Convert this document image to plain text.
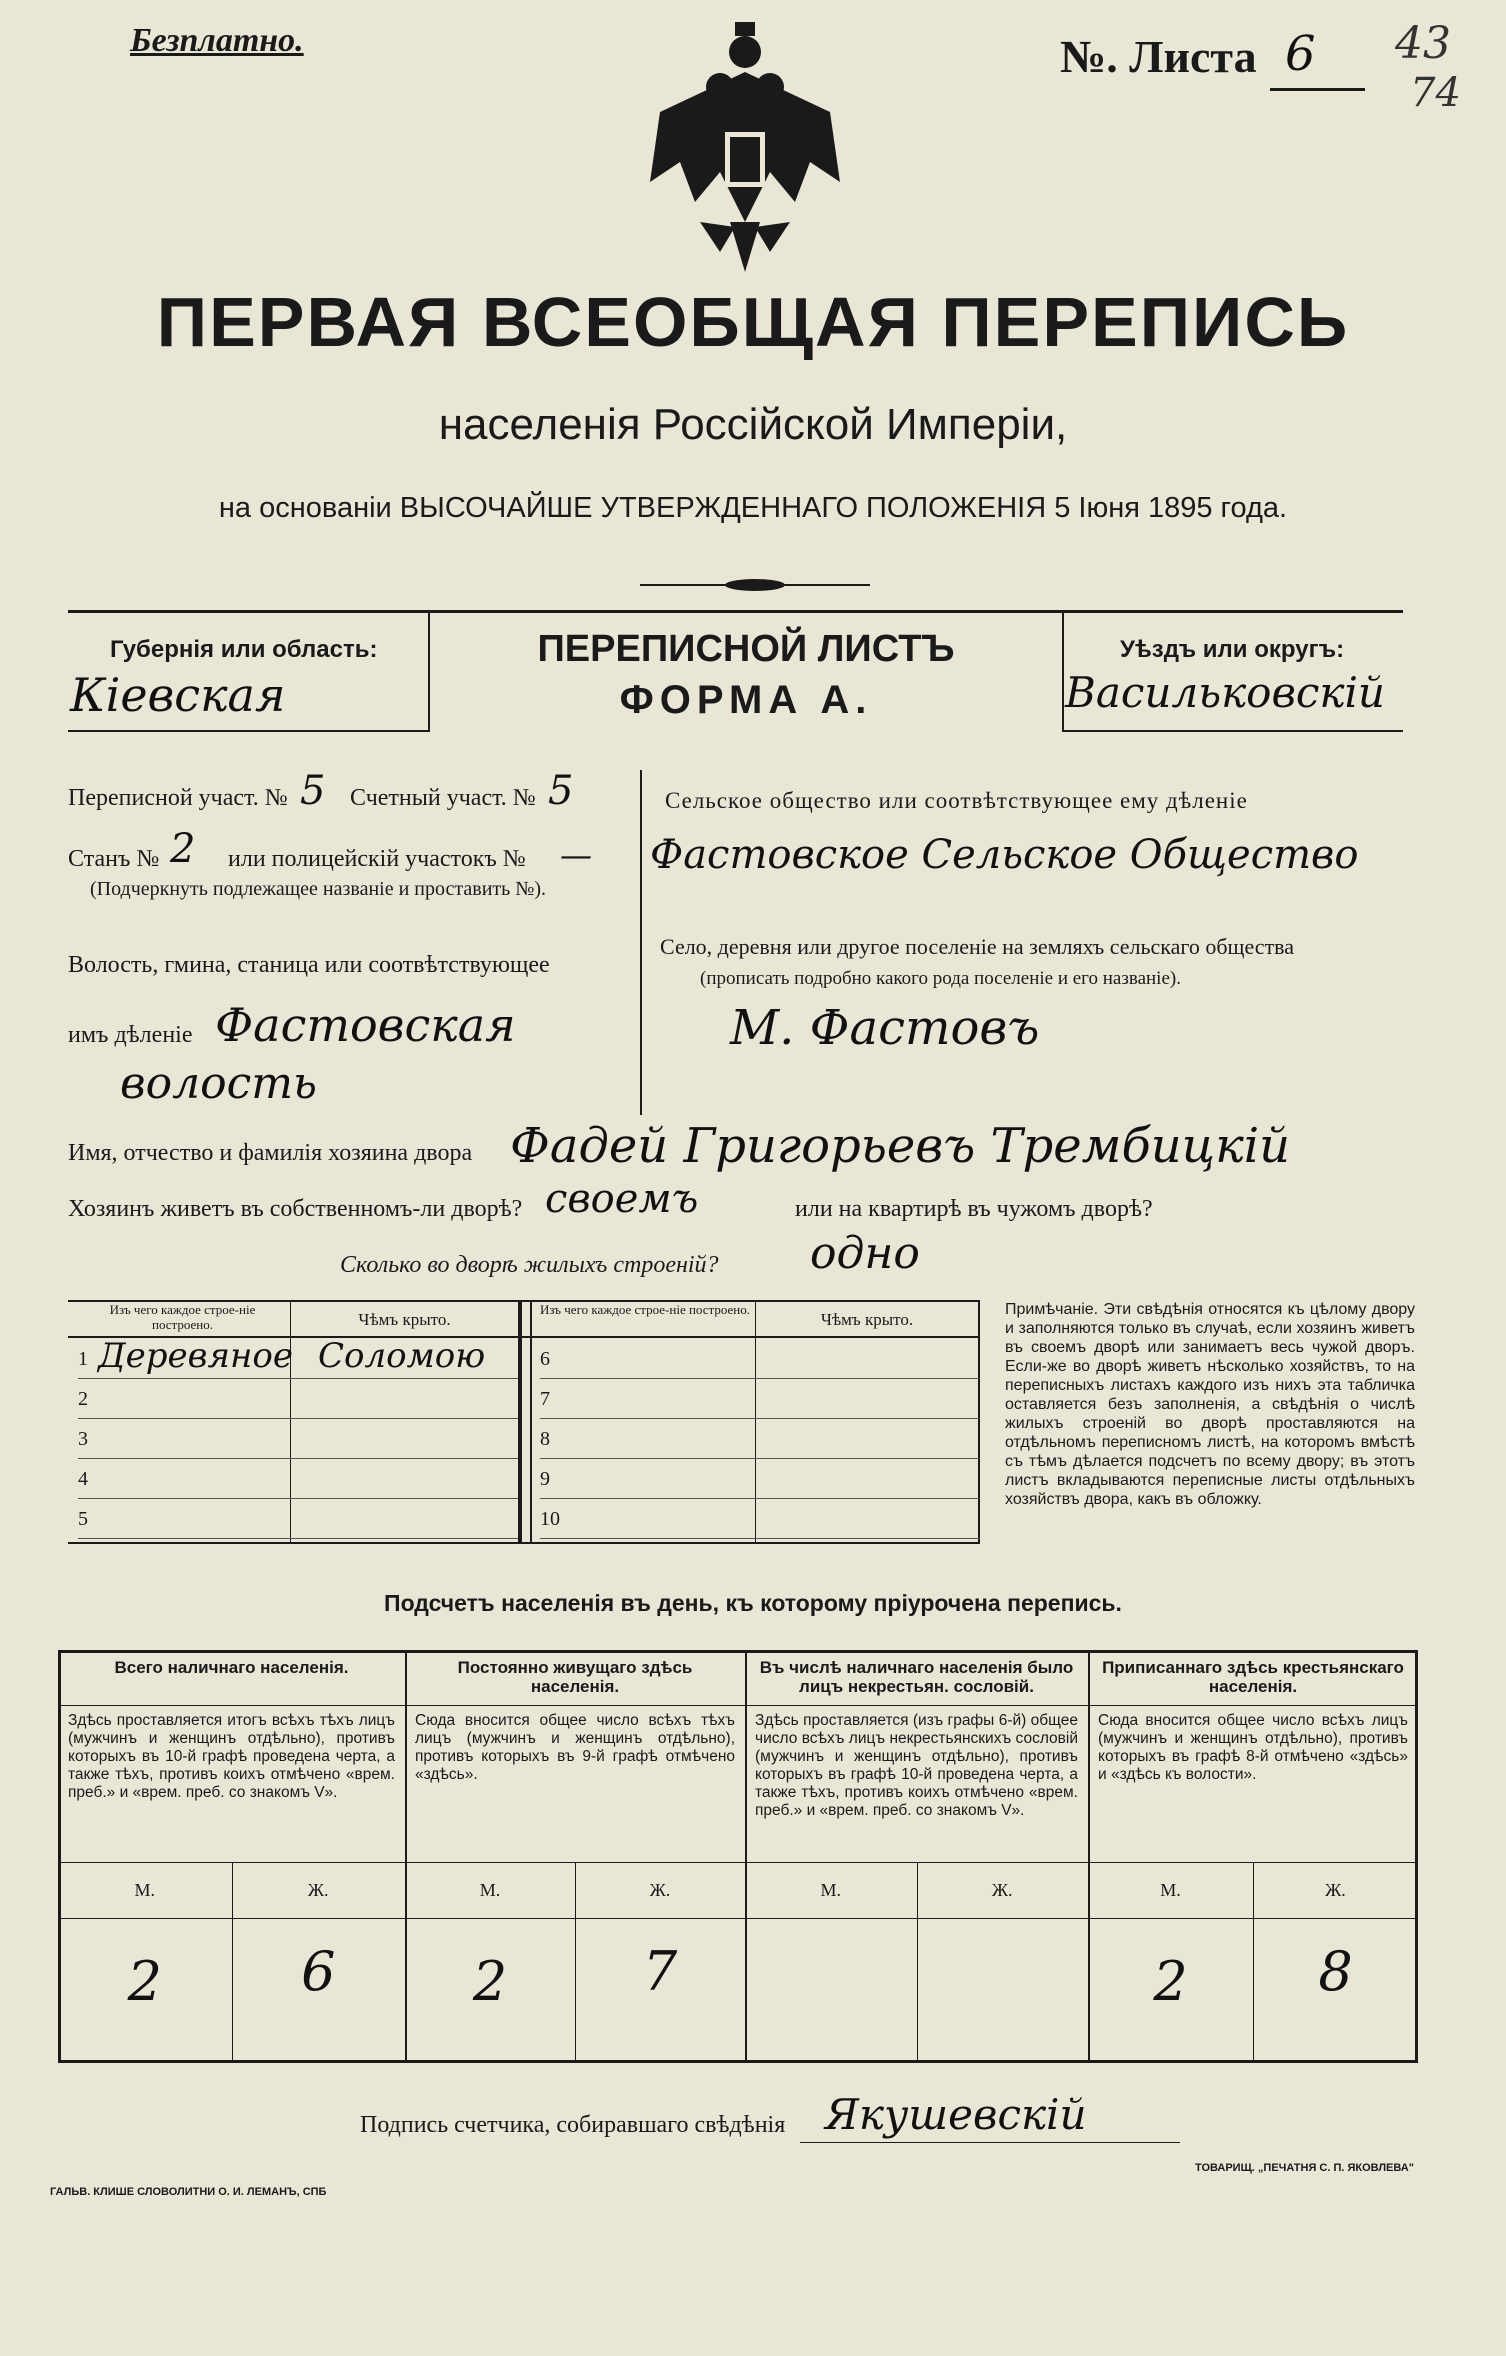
Безплатно.	№. Листа 6 43
74
ПЕРВАЯ ВСЕОБЩАЯ ПЕРЕПИСЬ
населенія Россійской Имперіи,
на основаніи ВЫСОЧАЙШЕ УТВЕРЖДЕННАГО ПОЛОЖЕНІЯ 5 Іюня 1895 года.
Губернія или область:
Кіевская
ПЕРЕПИСНОЙ ЛИСТЪ
ФОРМА А.
Уѣздъ или округъ:
Васильковскій
Переписной участ. № 5 Счетный участ. № 5
Станъ № 2 или полицейскій участокъ № —
(Подчеркнуть подлежащее названіе и проставить №).
Волость, гмина, станица или соотвѣтствующее
имъ дѣленіе Фастовская
волость
Сельское общество или соотвѣтствующее ему дѣленіе
Фастовское Сельское Общество
Село, деревня или другое поселеніе на земляхъ сельскаго общества
(прописать подробно какого рода поселеніе и его названіе).
М. Фастовъ
Имя, отчество и фамилія хозяина двора Фадей Григорьевъ Трембицкій
Хозяинъ живетъ въ собственномъ-ли дворѣ? своемъ	или на квартирѣ въ чужомъ дворѣ?
Сколько во дворѣ жилыхъ строеній? одно
Изъ чего каждое строе-ніе построено.	Чѣмъ крыто.
Изъ чего каждое строе-ніе построено.
Чѣмъ крыто.
1 Деревяное Соломою
2
3
4
5
6
7
8
9
10
Примѣчаніе. Эти свѣдѣнія относятся къ цѣлому двору и заполняются только въ случаѣ, если хозяинъ живетъ въ своемъ дворѣ или занимаетъ весь чужой дворъ. Если-же во дворѣ живетъ нѣсколько хозяйствъ, то на переписныхъ листахъ каждого изъ нихъ эта табличка оставляется безъ заполненія, а свѣдѣнія о числѣ жилыхъ строеній во дворѣ проставляются на отдѣльномъ переписномъ листѣ, на которомъ вмѣстѣ съ тѣмъ дѣлается подсчетъ по всему двору; въ этотъ листъ вкладываются переписные листы отдѣльныхъ хозяйствъ двора, какъ въ обложку.
Подсчетъ населенія въ день, къ которому пріурочена перепись.
Всего наличнаго населенія.
Здѣсь проставляется итогъ всѣхъ тѣхъ лицъ (мужчинъ и женщинъ отдѣльно), противъ которыхъ въ 10-й графѣ проведена черта, а также тѣхъ, противъ коихъ отмѣчено «врем. преб.» и «врем. преб. со знакомъ V».
М.	Ж.
2	6
Постоянно живущаго здѣсь населенія.
Сюда вносится общее число всѣхъ тѣхъ лицъ (мужчинъ и женщинъ отдѣльно), противъ которыхъ въ 9-й графѣ отмѣчено «здѣсь».
М.	Ж.
2	7
Въ числѣ наличнаго населенія было лицъ некрестьян. сословій.
Здѣсь проставляется (изъ графы 6-й) общее число всѣхъ лицъ некрестьянскихъ сословій (мужчинъ и женщинъ отдѣльно), противъ которыхъ въ графѣ 10-й проведена черта, а также тѣхъ, противъ коихъ отмѣчено «врем. преб.» и «врем. преб. со знакомъ V».
М.	Ж.
Приписаннаго здѣсь крестьянскаго населенія.
Сюда вносится общее число всѣхъ лицъ (мужчинъ и женщинъ отдѣльно), противъ которыхъ въ графѣ 8-й отмѣчено «здѣсь» и «здѣсь къ волости».
М.	Ж.
2	8
Подпись счетчика, собиравшаго свѣдѣнія Якушевскій
ГАЛЬВ. КЛИШЕ СЛОВОЛИТНИ О. И. ЛЕМАНЪ, СПБ
ТОВАРИЩ. „ПЕЧАТНЯ С. П. ЯКОВЛЕВА"
